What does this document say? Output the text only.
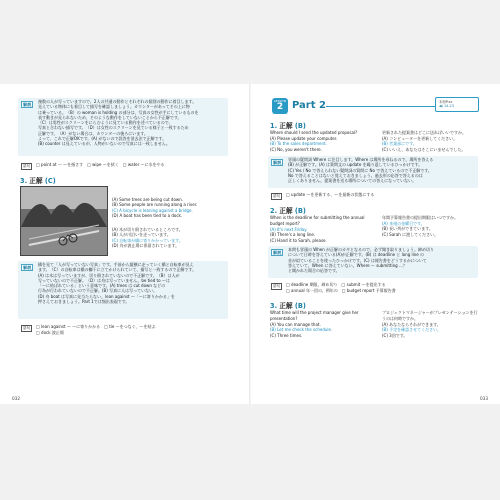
解説
複数の人が写っていますので、2人の共通の動作とそれぞれの個別の動作に着目します。
見えている物体にも着目して描写を確認しましょう。カウンターがあってその上に物
は乗っている。（B）の woman is holding の部分は、写真の女性が手にしているものを
表す動きが見られないため、そのような動作をしていないことから不正解です。
（C）は男性がスクリーンをにらむように見ている動作を述べているので、
写真と合わない描写です。（D）は女性のスクリーンを見ている様子と一致するため
正解です。（A）がない場合は、カウンターの後ろにいます。
よって、これで正解OKです。(A) がないので誤答を消去法で正解です。
(B) counter は見えているが、人物がいないので写真には一致しません。
語句	□ point at ～ ～を指さす　□ wipe ～を拭く　□ water ～に水をやる
3. 正解 (C)
(A) Some trees are being cut down.
(B) Some people are running along a river.
(C) A bicycle is leaning against a bridge.
(D) A boat has been tied to a dock.
(A) 木が切り倒されているところです。
(B) 人が川沿いを走っています。
(C) 自転車が橋に寄りかかっています。
(D) 舟が波止場に係留されています。
解説
橋を見て「人が写っていない写真」です。手前から縦横に走っていく橋と自転車が見え
ます。（C）の自転車は橋の欄干に立てかけられていて、描写と一致するので正解です。
(A) は木は写っていますが、切り倒されていないので不正解です。（B）は人が
写っていないので不正解。（D）は舟は写っていません。be tied to ～は
「～に結ばれている」という意味です。(A) trees は cut down などの
行為が行われていないので不正解。(B) 写真に人は写っていない。
(D) 舟 boat は写真に見当たらない。lean against ～「～に寄りかかる」を
押さえておきましょう。Part 1では頻出表現です。
語句	□ lean against ～ ～に寄りかかる　□ tie ～をつなぐ、～を結ぶ
□ dock 波止場
032
LESSON
2 Part 2	本冊P.xx
◀) 14-23
1. 正解 (B)
Where should I send the updated proposal?
(A) Please update your computer.
(B) To the sales department.
(C) No, you weren't there.
更新された提案書はどこに送ればいいですか。
(A) コンピューターを更新してください。
(B) 営業部にです。
(C) いいえ、あなたはそこにいませんでした。
解説
冒頭の疑問詞 Where に注目します。Where は場所を尋ねるので、場所を答える
(B) が正解です。(A) は質問文の update を繰り返しているひっかけです。
(C) Yes / No で答えられない疑問詞の質問に No で答えているので不正解です。
No で答えることはないと覚えておきましょう。過去形の応答で答えるのは
正しくありません。提案書を送る場所についての答えになっていない。
語句	□ update ～を更新する、～を最新の状態にする
2. 正解 (B)
When is the deadline for submitting the annual budget report?
(A) It's next Friday.
(B) There's a long line.
(C) Hand it to Sarah, please.
年間予算報告書の提出期限はいつですか。
(A) 来週の金曜日です。
(B) 長い列ができています。
(C) Sarah に渡してください。
解説
本問も冒頭の When が正解のカギとなるので、必ず聞き取りましょう。締め切り
について日時を答えている(A)が正解です。(B) は deadline と long line の
音が似ていることを使ったひっかけです。(C) は報告書をどうするかについて
答えていて、When に答えていない。Where ～ submitting ...？
と聞かれた場合の応答です。
語句	□ deadline 期限、締め切り　□ submit ～を提出する
□ annual 年一回の、例年の　□ budget report 予算報告書
3. 正解 (B)
What time will the project manager give her presentation?
(A) You can manage that.
(B) Let me check the schedule.
(C) Three times.
プロジェクトマネージャーがプレゼンテーションを行うのは何時ですか。
(A) あなたならそれができます。
(B) 予定を確認させてください。
(C) 3回です。
033
